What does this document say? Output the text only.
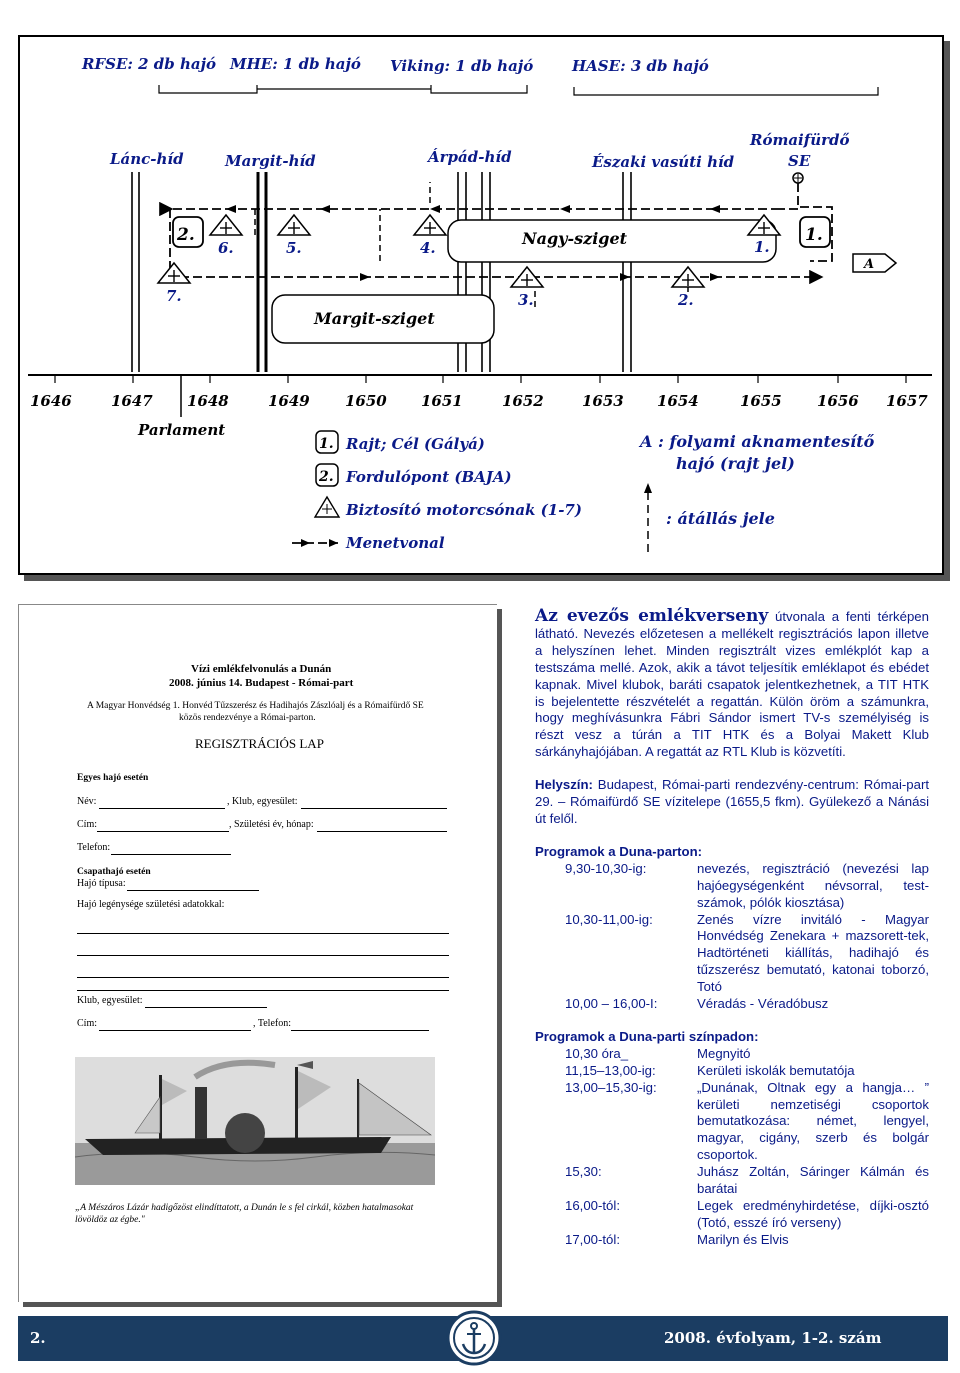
RFSE: 2 db hajó MHE: 1 db hajó Viking: 1 db hajó	HASE: 3 db hajó
Lánc-híd	Margit-híd	Árpád-híd	Északi vasúti híd
Rómaifürdő
SE
1646	1647 1648	1649 1650 1651	1652	1653 1654	1655 1656 1657
Parlament
Nagy-sziget
Margit-sziget
1.
2.
A
1.
2.
3.
4.
5.
6.
7.
1. Rajt; Cél (Gályá)
2. Fordulópont (BAJA)
Biztosító motorcsónak (1-7)
Menetvonal
A : folyami aknamentesítő
hajó (rajt jel)
: átállás jele
Vízi emlékfelvonulás a Dunán
2008. június 14. Budapest - Római-part
A Magyar Honvédség 1. Honvéd Tűzszerész és Hadihajós Zászlóalj és a Rómaifürdő SE
közös rendezvénye a Római-parton.
REGISZTRÁCIÓS LAP
Egyes hajó esetén
Név:	, Klub, egyesület:
Cím:	, Születési év, hónap:
Telefon:
Csapathajó esetén
Hajó típusa:
Hajó legénysége születési adatokkal:
Klub, egyesület:
Cím:	, Telefon:
„A Mészáros Lázár hadigőzöst elindíttatott, a Dunán le s fel cirkál, közben hatalmasokat
lövöldöz az égbe."

Az evezős emlékverseny útvonala a fenti térképen látható. Nevezés előzetesen a mellékelt regisztrációs lapon illetve a helyszínen lehet. Minden regisztrált vizes emlékplót kap a testszáma mellé. Azok, akik a távot teljesítik emléklapot és ebédet kapnak. Mivel klubok, baráti csapatok jelentkezhetnek, a TIT HTK is bejelentette részvételét a regattán. Külön öröm a számunkra, hogy meghívásunkra Fábri Sándor ismert TV-s személyiség is részt vesz a túrán a TIT HTK és a Bolyai Makett Klub sárkányhajójában. A regattát az RTL Klub is közvetíti.

Helyszín: Budapest, Római-parti rendezvény-centrum: Római-part 29. – Rómaifürdő SE vízitelepe (1655,5 fkm). Gyülekező a Nánási út felől.

Programok a Duna-parton:

9,30-10,30-ig:	nevezés, regisztráció (nevezési lap hajóegységenként névsorral, test-számok, pólók kiosztása)
10,30-11,00-ig:	Zenés vízre invitáló - Magyar Honvédség Zenekara + mazsorett-tek, Hadtörténeti kiállítás, hadihajó és tűzszerész bemutató, katonai toborzó, Totó
10,00 – 16,00-I:	Véradás - Véradóbusz

Programok a Duna-parti színpadon:

10,30 óra_	Megnyitó
11,15–13,00-ig:	Kerületi iskolák bemutatója
13,00–15,30-ig:	„Dunának, Oltnak egy a hangja… ” kerületi nemzetiségi csoportok bemutatkozása: német, lengyel, magyar, cigány, szerb és bolgár csoportok.
15,30:	Juhász Zoltán, Sáringer Kálmán és barátai
16,00-tól:	Legek eredményhirdetése, díjki-osztó (Totó, esszé író verseny)
17,00-tól:	Marilyn és Elvis
2.	2008. évfolyam, 1-2. szám
